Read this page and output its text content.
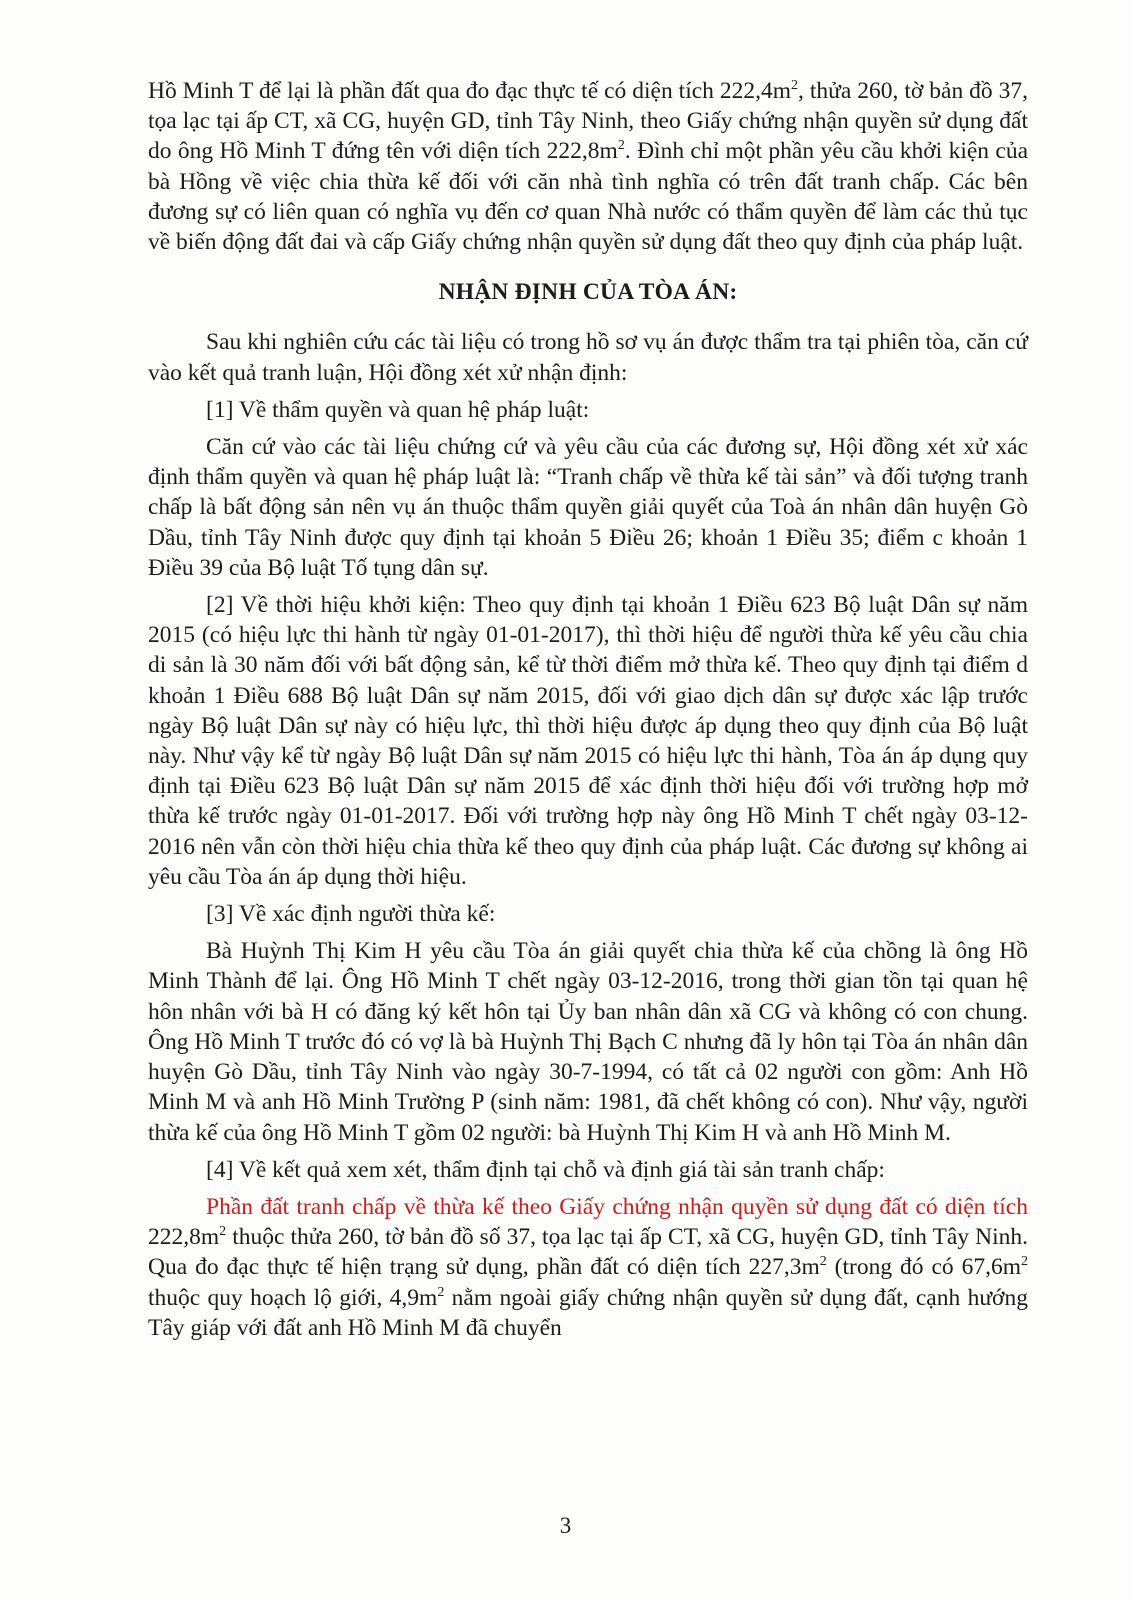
Hồ Minh T để lại là phần đất qua đo đạc thực tế có diện tích $222,4m^2$, thửa 260, tờ bản đồ 37, tọa lạc tại ấp CT, xã CG, huyện GD, tỉnh Tây Ninh, theo Giấy chứng nhận quyền sử dụng đất do ông Hồ Minh T đứng tên với diện tích $222,8m^2$. Đình chỉ một phần yêu cầu khởi kiện của bà Hồng về việc chia thừa kế đối với căn nhà tình nghĩa có trên đất tranh chấp. Các bên đương sự có liên quan có nghĩa vụ đến cơ quan Nhà nước có thẩm quyền để làm các thủ tục về biến động đất đai và cấp Giấy chứng nhận quyền sử dụng đất theo quy định của pháp luật.

NHẬN ĐỊNH CỦA TÒA ÁN:

Sau khi nghiên cứu các tài liệu có trong hồ sơ vụ án được thẩm tra tại phiên tòa, căn cứ vào kết quả tranh luận, Hội đồng xét xử nhận định:

[1] Về thẩm quyền và quan hệ pháp luật:

Căn cứ vào các tài liệu chứng cứ và yêu cầu của các đương sự, Hội đồng xét xử xác định thẩm quyền và quan hệ pháp luật là: “Tranh chấp về thừa kế tài sản” và đối tượng tranh chấp là bất động sản nên vụ án thuộc thẩm quyền giải quyết của Toà án nhân dân huyện Gò Dầu, tỉnh Tây Ninh được quy định tại khoản 5 Điều 26; khoản 1 Điều 35; điểm c khoản 1 Điều 39 của Bộ luật Tố tụng dân sự.

[2] Về thời hiệu khởi kiện: Theo quy định tại khoản 1 Điều 623 Bộ luật Dân sự năm 2015 (có hiệu lực thi hành từ ngày 01-01-2017), thì thời hiệu để người thừa kế yêu cầu chia di sản là 30 năm đối với bất động sản, kể từ thời điểm mở thừa kế. Theo quy định tại điểm d khoản 1 Điều 688 Bộ luật Dân sự năm 2015, đối với giao dịch dân sự được xác lập trước ngày Bộ luật Dân sự này có hiệu lực, thì thời hiệu được áp dụng theo quy định của Bộ luật này. Như vậy kể từ ngày Bộ luật Dân sự năm 2015 có hiệu lực thi hành, Tòa án áp dụng quy định tại Điều 623 Bộ luật Dân sự năm 2015 để xác định thời hiệu đối với trường hợp mở thừa kế trước ngày 01-01-2017. Đối với trường hợp này ông Hồ Minh T chết ngày 03-12-2016 nên vẫn còn thời hiệu chia thừa kế theo quy định của pháp luật. Các đương sự không ai yêu cầu Tòa án áp dụng thời hiệu.

[3] Về xác định người thừa kế:

Bà Huỳnh Thị Kim H yêu cầu Tòa án giải quyết chia thừa kế của chồng là ông Hồ Minh Thành để lại. Ông Hồ Minh T chết ngày 03-12-2016, trong thời gian tồn tại quan hệ hôn nhân với bà H có đăng ký kết hôn tại Ủy ban nhân dân xã CG và không có con chung. Ông Hồ Minh T trước đó có vợ là bà Huỳnh Thị Bạch C nhưng đã ly hôn tại Tòa án nhân dân huyện Gò Dầu, tỉnh Tây Ninh vào ngày 30-7-1994, có tất cả 02 người con gồm: Anh Hồ Minh M và anh Hồ Minh Trường P (sinh năm: 1981, đã chết không có con). Như vậy, người thừa kế của ông Hồ Minh T gồm 02 người: bà Huỳnh Thị Kim H và anh Hồ Minh M.

[4] Về kết quả xem xét, thẩm định tại chỗ và định giá tài sản tranh chấp:

Phần đất tranh chấp về thừa kế theo Giấy chứng nhận quyền sử dụng đất có diện tích $222,8m^2$ thuộc thửa 260, tờ bản đồ số 37, tọa lạc tại ấp CT, xã CG, huyện GD, tỉnh Tây Ninh. Qua đo đạc thực tế hiện trạng sử dụng, phần đất có diện tích $227,3m^2$ (trong đó có $67,6m^2$ thuộc quy hoạch lộ giới, $4,9m^2$ nằm ngoài giấy chứng nhận quyền sử dụng đất, cạnh hướng Tây giáp với đất anh Hồ Minh M đã chuyển

3
